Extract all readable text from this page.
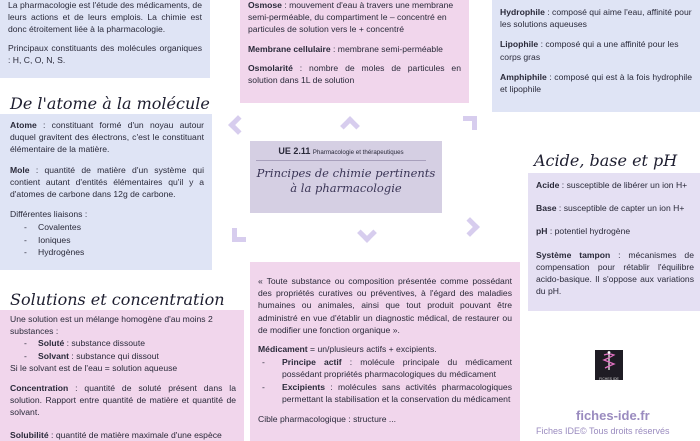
La pharmacologie est l'étude des médicaments, de leurs actions et de leurs emplois. La chimie est donc étroitement liée à la pharmacologie.

Principaux constituants des molécules organiques : H, C, O, N, S.

Osmose : mouvement d'eau à travers une membrane semi-perméable, du compartiment le – concentré en particules de solution vers le + concentré

Membrane cellulaire : membrane semi-perméable

Osmolarité : nombre de moles de particules en solution dans 1L de solution

Hydrophile : composé qui aime l'eau, affinité pour les solutions aqueuses

Lipophile : composé qui a une affinité pour les corps gras

Amphiphile : composé qui est à la fois hydrophile et lipophile

De l'atome à la molécule

Atome : constituant formé d'un noyau autour duquel gravitent des électrons, c'est le constituant élémentaire de la matière.

Mole : quantité de matière d'un système qui contient autant d'entités élémentaires qu'il y a d'atomes de carbone dans 12g de carbone.

Différentes liaisons :

- Covalentes
- Ioniques
- Hydrogènes
UE 2.11 Pharmacologie et thérapeutiques
Principes de chimie pertinents
à la pharmacologie
Acide, base et pH

Acide : susceptible de libérer un ion H+

Base : susceptible de capter un ion H+

pH : potentiel hydrogène

Système tampon : mécanismes de compensation pour rétablir l'équilibre acido-basique. Il s'oppose aux variations du pH.

Solutions et concentration

Une solution est un mélange homogène d'au moins 2 substances :

- Soluté : substance dissoute
- Solvant : substance qui dissout

Si le solvant est de l'eau = solution aqueuse

Concentration : quantité de soluté présent dans la solution. Rapport entre quantité de matière et quantité de solvant.

Solubilité : quantité de matière maximale d'une espèce

« Toute substance ou composition présentée comme possédant des propriétés curatives ou préventives, à l'égard des maladies humaines ou animales, ainsi que tout produit pouvant être administré en vue d'établir un diagnostic médical, de restaurer ou de modifier une fonction organique ».

Médicament = un/plusieurs actifs + excipients.

- Principe actif : molécule principale du médicament possédant propriétés pharmacologiques du médicament
- Excipients : molécules sans activités pharmacologiques permettant la stabilisation et la conservation du médicament

Cible pharmacologique : structure ...

FICHES IDE
fiches-ide.fr
Fiches IDE© Tous droits réservés
